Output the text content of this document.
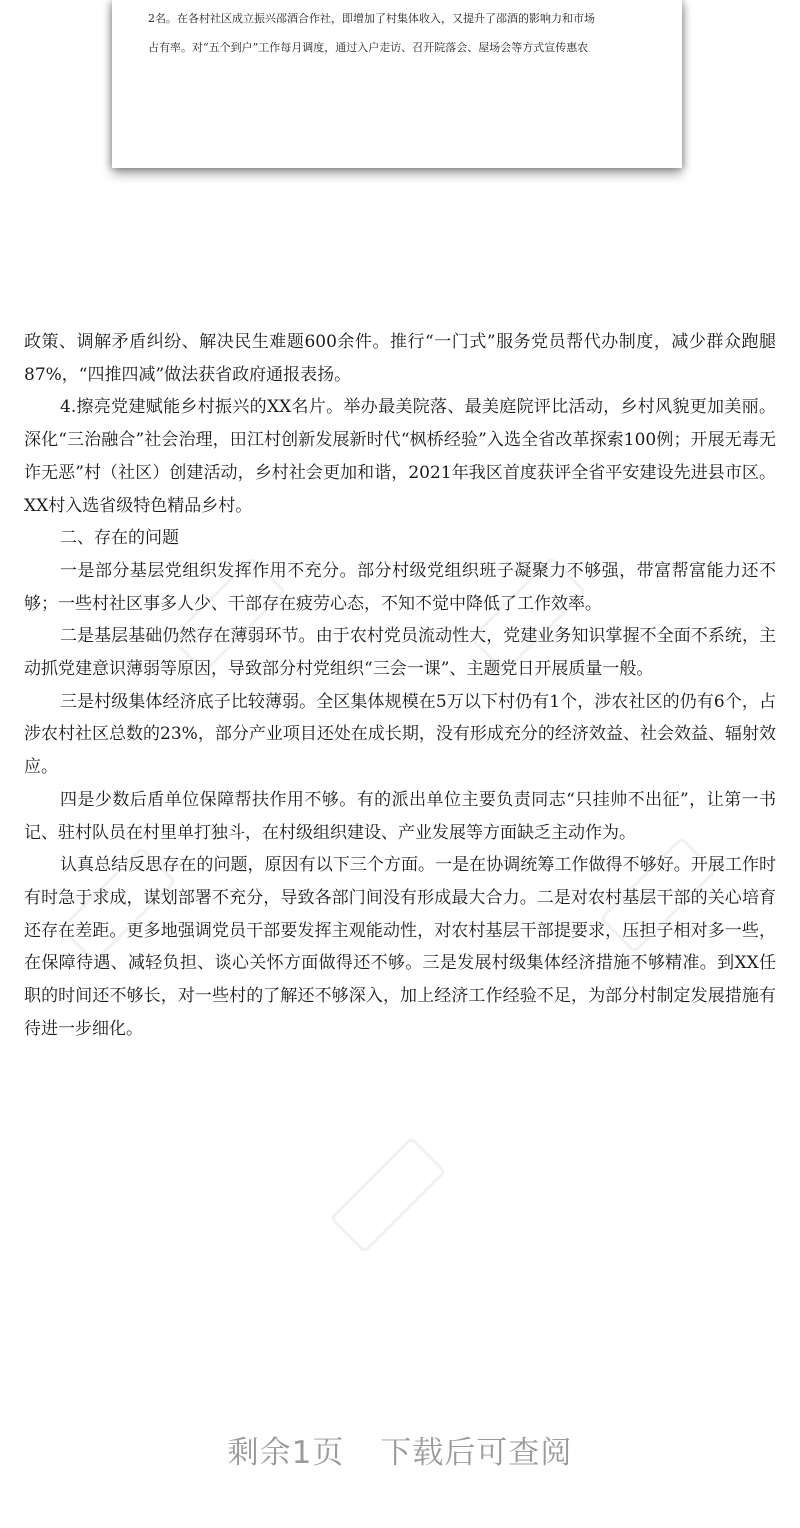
2名。在各村社区成立振兴邵酒合作社，即增加了村集体收入，又提升了邵酒的影响力和市场
占有率。对“五个到户”工作每月调度，通过入户走访、召开院落会、屋场会等方式宣传惠农

政策、调解矛盾纠纷、解决民生难题600余件。推行“一门式”服务党员帮代办制度，减少群众跑腿87%，“四推四减”做法获省政府通报表扬。

4.擦亮党建赋能乡村振兴的XX名片。举办最美院落、最美庭院评比活动，乡村风貌更加美丽。深化“三治融合”社会治理，田江村创新发展新时代“枫桥经验”入选全省改革探索100例；开展无毒无诈无恶”村（社区）创建活动，乡村社会更加和谐，2021年我区首度获评全省平安建设先进县市区。XX村入选省级特色精品乡村。

二、存在的问题

一是部分基层党组织发挥作用不充分。部分村级党组织班子凝聚力不够强，带富帮富能力还不够；一些村社区事多人少、干部存在疲劳心态，不知不觉中降低了工作效率。

二是基层基础仍然存在薄弱环节。由于农村党员流动性大，党建业务知识掌握不全面不系统，主动抓党建意识薄弱等原因，导致部分村党组织“三会一课”、主题党日开展质量一般。

三是村级集体经济底子比较薄弱。全区集体规模在5万以下村仍有1个，涉农社区的仍有6个，占涉农村社区总数的23%，部分产业项目还处在成长期，没有形成充分的经济效益、社会效益、辐射效应。

四是少数后盾单位保障帮扶作用不够。有的派出单位主要负责同志“只挂帅不出征”，让第一书记、驻村队员在村里单打独斗，在村级组织建设、产业发展等方面缺乏主动作为。

认真总结反思存在的问题，原因有以下三个方面。一是在协调统筹工作做得不够好。开展工作时有时急于求成，谋划部署不充分，导致各部门间没有形成最大合力。二是对农村基层干部的关心培育还存在差距。更多地强调党员干部要发挥主观能动性，对农村基层干部提要求，压担子相对多一些，在保障待遇、减轻负担、谈心关怀方面做得还不够。三是发展村级集体经济措施不够精准。到XX任职的时间还不够长，对一些村的了解还不够深入，加上经济工作经验不足，为部分村制定发展措施有待进一步细化。

剩余1页 下载后可查阅
